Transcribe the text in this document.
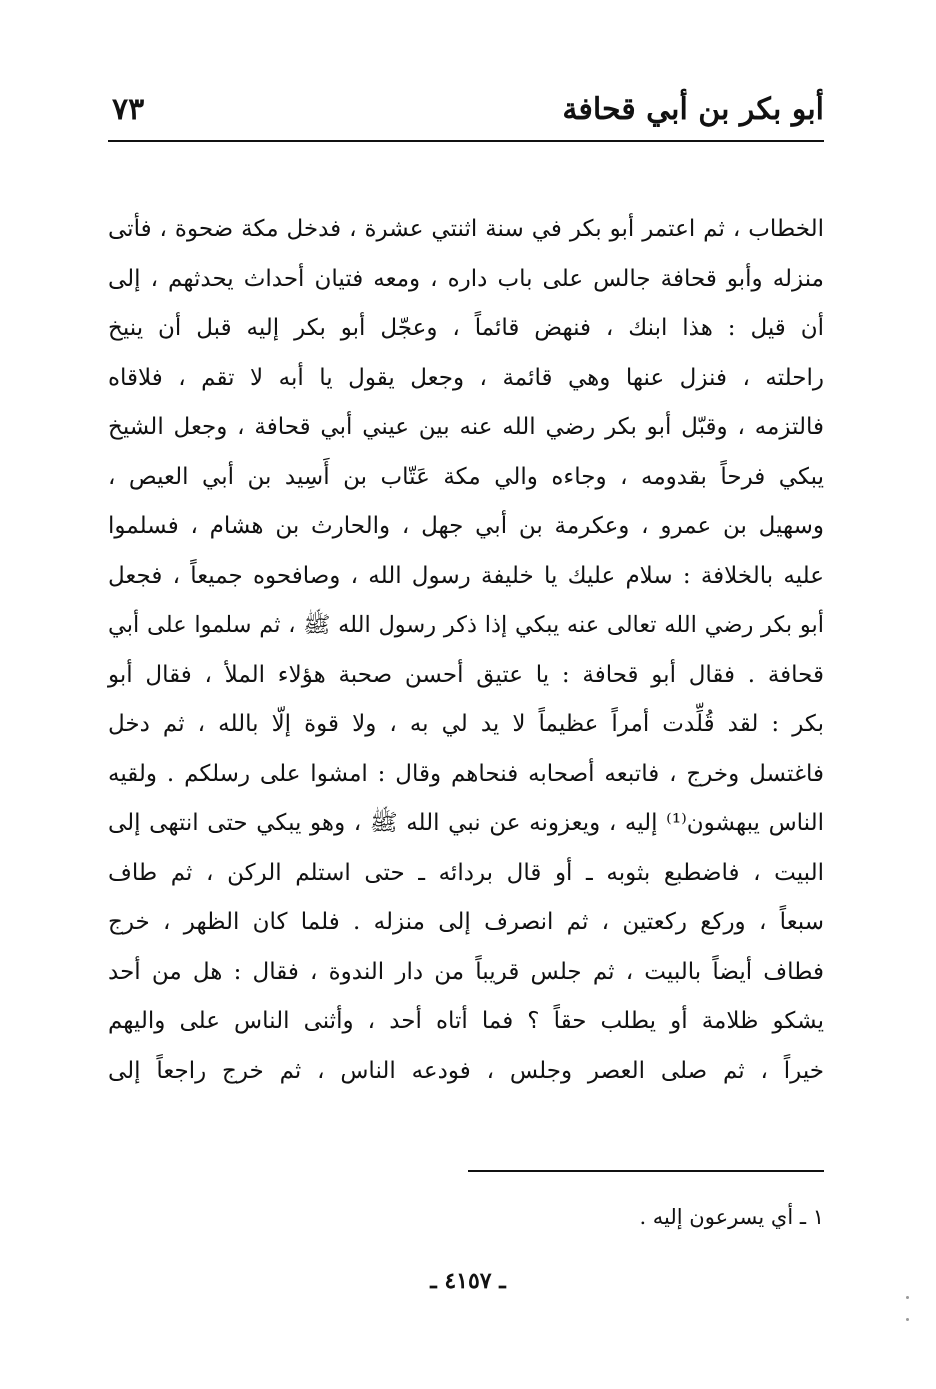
أبو بكر بن أبي قحافة
٧٣
الخطاب ، ثم اعتمر أبو بكر في سنة اثنتي عشرة ، فدخل مكة ضحوة ، فأتى
منزله وأبو قحافة جالس على باب داره ، ومعه فتيان أحداث يحدثهم ، إلى
أن قيل : هذا ابنك ، فنهض قائماً ، وعجّل أبو بكر إليه قبل أن ينيخ
راحلته ، فنزل عنها وهي قائمة ، وجعل يقول يا أبه لا تقم ، فلاقاه
فالتزمه ، وقبّل أبو بكر رضي الله عنه بين عيني أبي قحافة ، وجعل الشيخ
يبكي فرحاً بقدومه ، وجاءه والي مكة عَتّاب بن أَسِيد بن أبي العيص ،
وسهيل بن عمرو ، وعكرمة بن أبي جهل ، والحارث بن هشام ، فسلموا
عليه بالخلافة : سلام عليك يا خليفة رسول الله ، وصافحوه جميعاً ، فجعل
أبو بكر رضي الله تعالى عنه يبكي إذا ذكر رسول الله ﷺ ، ثم سلموا على أبي
قحافة . فقال أبو قحافة : يا عتيق أحسن صحبة هؤلاء الملأ ، فقال أبو
بكر : لقد قُلِّدت أمراً عظيماً لا يد لي به ، ولا قوة إلّا بالله ، ثم دخل
فاغتسل وخرج ، فاتبعه أصحابه فنحاهم وقال : امشوا على رسلكم . ولقيه
الناس يبهشون⁽¹⁾ إليه ، ويعزونه عن نبي الله ﷺ ، وهو يبكي حتى انتهى إلى
البيت ، فاضطبع بثوبه ـ أو قال بردائه ـ حتى استلم الركن ، ثم طاف
سبعاً ، وركع ركعتين ، ثم انصرف إلى منزله . فلما كان الظهر ، خرج
فطاف أيضاً بالبيت ، ثم جلس قريباً من دار الندوة ، فقال : هل من أحد
يشكو ظلامة أو يطلب حقاً ؟ فما أتاه أحد ، وأثنى الناس على واليهم
خيراً ، ثم صلى العصر وجلس ، فودعه الناس ، ثم خرج راجعاً إلى
١ ـ أي يسرعون إليه .
ـ ٤١٥٧ ـ
